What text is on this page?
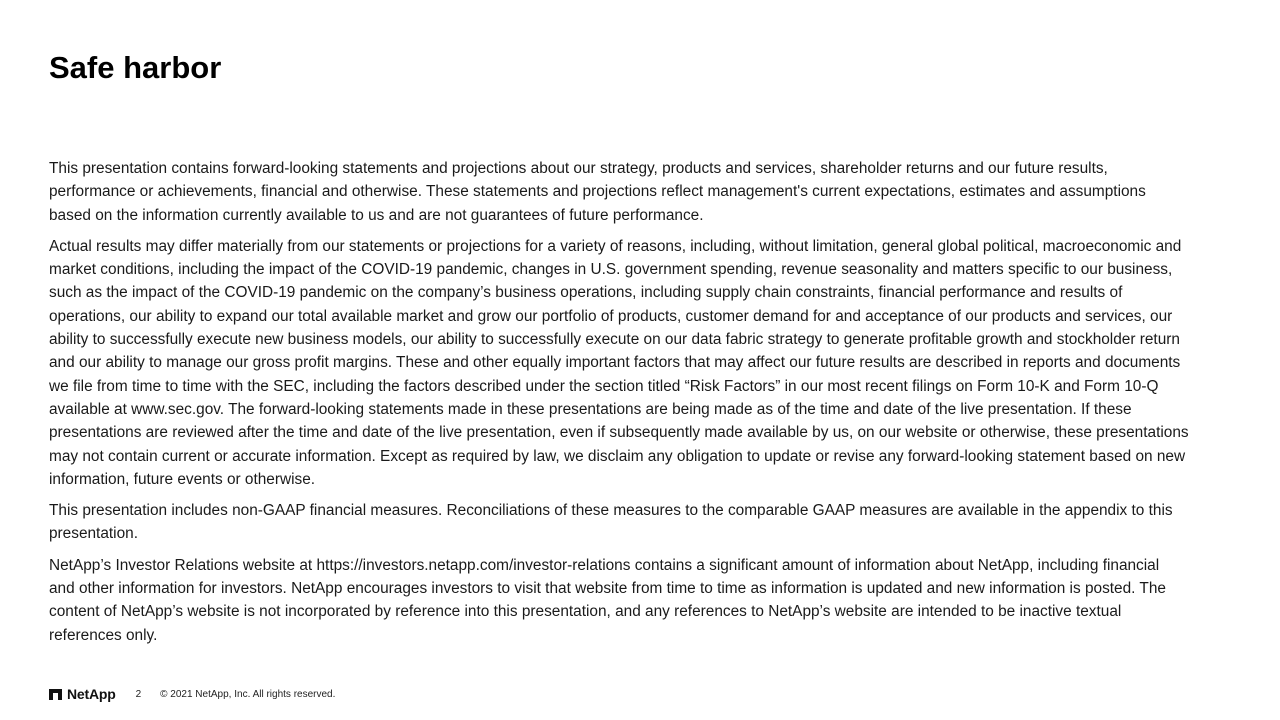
Safe harbor

This presentation contains forward-looking statements and projections about our strategy, products and services, shareholder returns and our future results,
performance or achievements, financial and otherwise. These statements and projections reflect management's current expectations, estimates and assumptions
based on the information currently available to us and are not guarantees of future performance.

Actual results may differ materially from our statements or projections for a variety of reasons, including, without limitation, general global political, macroeconomic and
market conditions, including the impact of the COVID-19 pandemic, changes in U.S. government spending, revenue seasonality and matters specific to our business,
such as the impact of the COVID-19 pandemic on the company’s business operations, including supply chain constraints, financial performance and results of
operations, our ability to expand our total available market and grow our portfolio of products, customer demand for and acceptance of our products and services, our
ability to successfully execute new business models, our ability to successfully execute on our data fabric strategy to generate profitable growth and stockholder return
and our ability to manage our gross profit margins. These and other equally important factors that may affect our future results are described in reports and documents
we file from time to time with the SEC, including the factors described under the section titled “Risk Factors” in our most recent filings on Form 10-K and Form 10-Q
available at www.sec.gov. The forward-looking statements made in these presentations are being made as of the time and date of the live presentation. If these
presentations are reviewed after the time and date of the live presentation, even if subsequently made available by us, on our website or otherwise, these presentations
may not contain current or accurate information. Except as required by law, we disclaim any obligation to update or revise any forward-looking statement based on new
information, future events or otherwise.

This presentation includes non-GAAP financial measures. Reconciliations of these measures to the comparable GAAP measures are available in the appendix to this
presentation.

NetApp’s Investor Relations website at https://investors.netapp.com/investor-relations contains a significant amount of information about NetApp, including financial
and other information for investors. NetApp encourages investors to visit that website from time to time as information is updated and new information is posted. The
content of NetApp’s website is not incorporated by reference into this presentation, and any references to NetApp’s website are intended to be inactive textual
references only.

NetApp 2 © 2021 NetApp, Inc. All rights reserved.
